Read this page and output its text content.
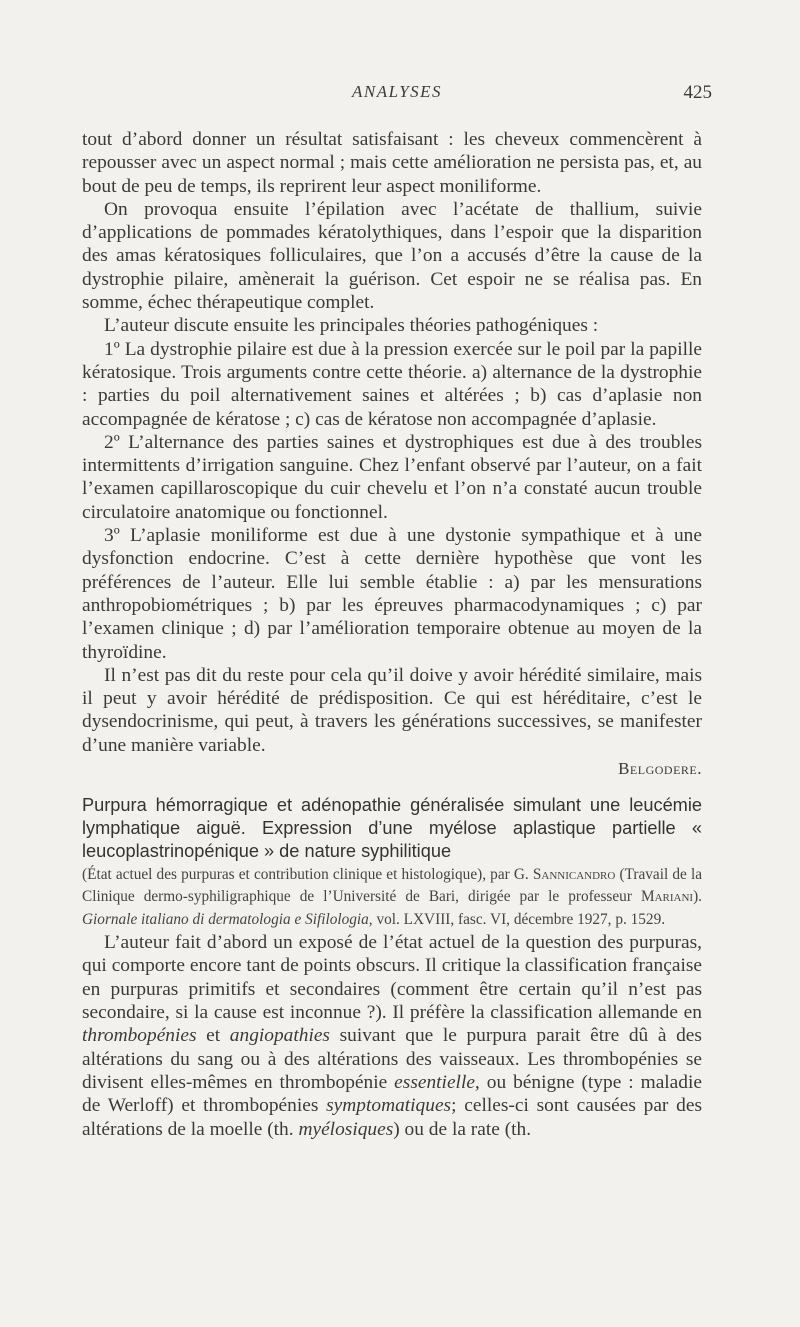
ANALYSES	425

tout d’abord donner un résultat satisfaisant : les cheveux commencèrent à repousser avec un aspect normal ; mais cette amélioration ne persista pas, et, au bout de peu de temps, ils reprirent leur aspect moniliforme.

On provoqua ensuite l’épilation avec l’acétate de thallium, suivie d’applications de pommades kératolythiques, dans l’espoir que la disparition des amas kératosiques folliculaires, que l’on a accusés d’être la cause de la dystrophie pilaire, amènerait la guérison. Cet espoir ne se réalisa pas. En somme, échec thérapeutique complet.

L’auteur discute ensuite les principales théories pathogéniques :

1º La dystrophie pilaire est due à la pression exercée sur le poil par la papille kératosique. Trois arguments contre cette théorie. a) alternance de la dystrophie : parties du poil alternativement saines et altérées ; b) cas d’aplasie non accompagnée de kératose ; c) cas de kératose non accompagnée d’aplasie.

2º L’alternance des parties saines et dystrophiques est due à des troubles intermittents d’irrigation sanguine. Chez l’enfant observé par l’auteur, on a fait l’examen capillaroscopique du cuir chevelu et l’on n’a constaté aucun trouble circulatoire anatomique ou fonctionnel.

3º L’aplasie moniliforme est due à une dystonie sympathique et à une dysfonction endocrine. C’est à cette dernière hypothèse que vont les préférences de l’auteur. Elle lui semble établie : a) par les mensurations anthropobiométriques ; b) par les épreuves pharmacodynamiques ; c) par l’examen clinique ; d) par l’amélioration temporaire obtenue au moyen de la thyroïdine.

Il n’est pas dit du reste pour cela qu’il doive y avoir hérédité similaire, mais il peut y avoir hérédité de prédisposition. Ce qui est héréditaire, c’est le dysendocrinisme, qui peut, à travers les générations successives, se manifester d’une manière variable.

Belgodere.

Purpura hémorragique et adénopathie généralisée simulant une leucémie lymphatique aiguë. Expression d’une myélose aplastique partielle « leucoplastrinopénique » de nature syphilitique

(État actuel des purpuras et contribution clinique et histologique), par G. Sannicandro (Travail de la Clinique dermo-syphiligraphique de l’Université de Bari, dirigée par le professeur Mariani). Giornale italiano di dermatologia e Sifilologia, vol. LXVIII, fasc. VI, décembre 1927, p. 1529.

L’auteur fait d’abord un exposé de l’état actuel de la question des purpuras, qui comporte encore tant de points obscurs. Il critique la classification française en purpuras primitifs et secondaires (comment être certain qu’il n’est pas secondaire, si la cause est inconnue ?). Il préfère la classification allemande en thrombopénies et angiopathies suivant que le purpura parait être dû à des altérations du sang ou à des altérations des vaisseaux. Les thrombopénies se divisent elles-mêmes en thrombopénie essentielle, ou bénigne (type : maladie de Werloff) et thrombopénies symptomatiques; celles-ci sont causées par des altérations de la moelle (th. myélosiques) ou de la rate (th.
